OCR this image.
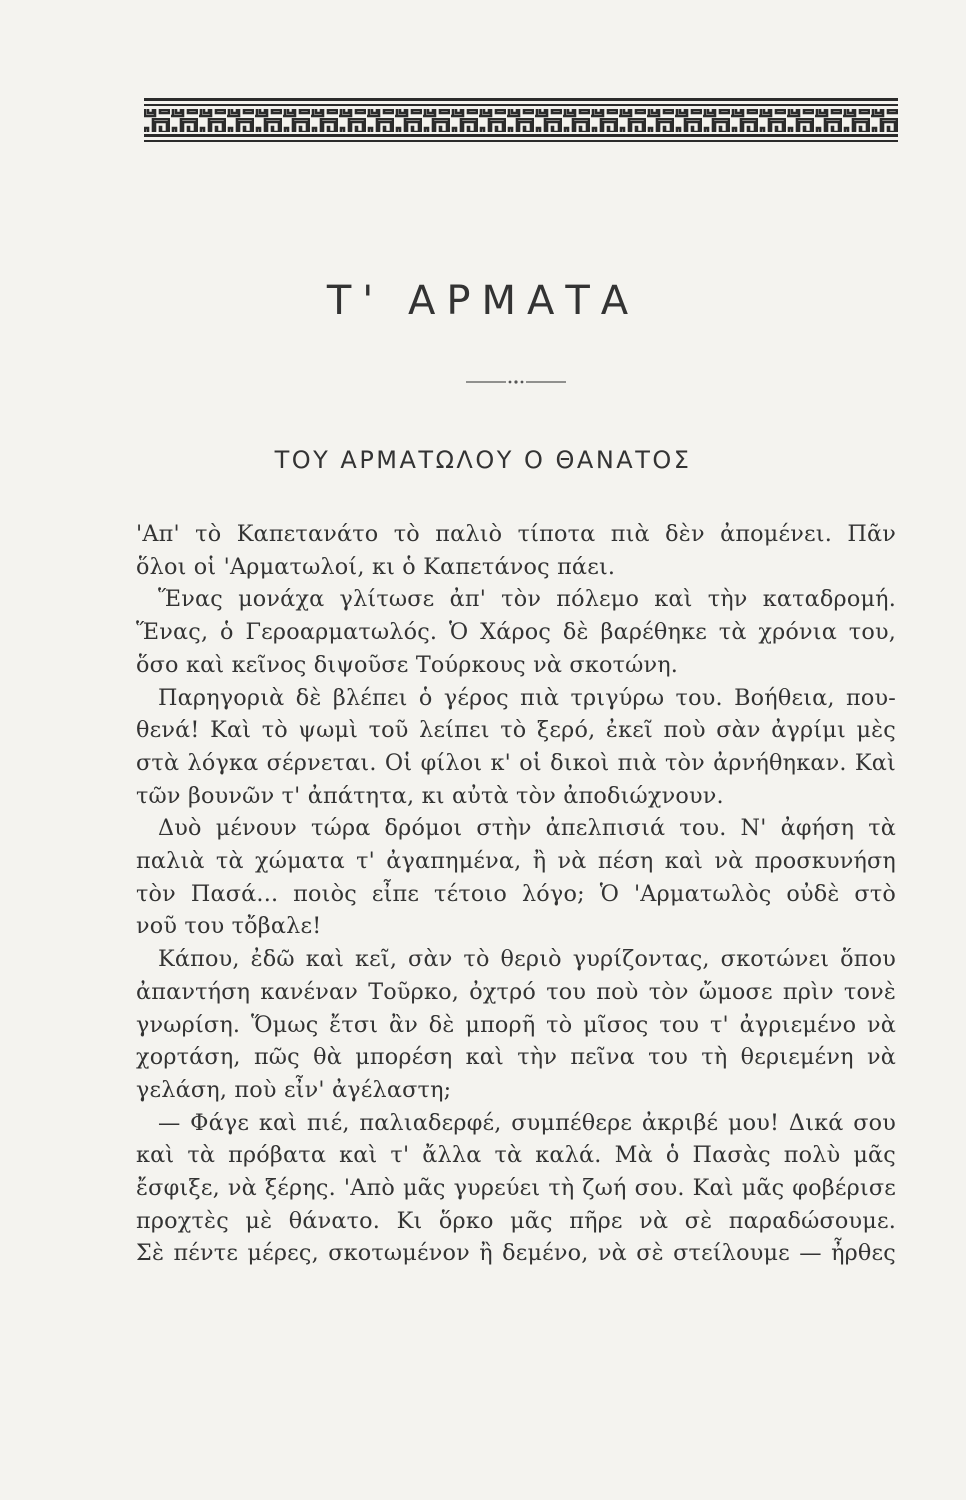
Τ' ΑΡΜΑΤΑ
ΤΟΥ ΑΡΜΑΤΩΛΟΥ Ο ΘΑΝΑΤΟΣ

'Απ' τὸ Καπετανάτο τὸ παλιὸ τίποτα πιὰ δὲν ἀπομένει. Πᾶν
ὅλοι οἱ 'Αρματωλοί, κι ὁ Καπετάνος πάει.

Ἕνας μονάχα γλίτωσε ἀπ' τὸν πόλεμο καὶ τὴν καταδρομή.
Ἕνας, ὁ Γεροαρματωλός. Ὁ Χάρος δὲ βαρέθηκε τὰ χρόνια του,
ὅσο καὶ κεῖνος διψοῦσε Τούρκους νὰ σκοτώνη.

Παρηγοριὰ δὲ βλέπει ὁ γέρος πιὰ τριγύρω του. Βοήθεια, που-
θενά! Καὶ τὸ ψωμὶ τοῦ λείπει τὸ ξερό, ἐκεῖ ποὺ σὰν ἀγρίμι μὲς
στὰ λόγκα σέρνεται. Οἱ φίλοι κ' οἱ δικοὶ πιὰ τὸν ἀρνήθηκαν. Καὶ
τῶν βουνῶν τ' ἀπάτητα, κι αὐτὰ τὸν ἀποδιώχνουν.

Δυὸ μένουν τώρα δρόμοι στὴν ἀπελπισιά του. Ν' ἀφήση τὰ
παλιὰ τὰ χώματα τ' ἀγαπημένα, ἢ νὰ πέση καὶ νὰ προσκυνήση
τὸν Πασά... ποιὸς εἶπε τέτοιο λόγο; Ὁ 'Αρματωλὸς οὐδὲ στὸ
νοῦ του τὄβαλε!

Κάπου, ἐδῶ καὶ κεῖ, σὰν τὸ θεριὸ γυρίζοντας, σκοτώνει ὅπου
ἀπαντήση κανέναν Τοῦρκο, ὀχτρό του ποὺ τὸν ὤμοσε πρὶν τονὲ
γνωρίση. Ὅμως ἔτσι ἂν δὲ μπορῆ τὸ μῖσος του τ' ἀγριεμένο νὰ
χορτάση, πῶς θὰ μπορέση καὶ τὴν πεῖνα του τὴ θεριεμένη νὰ
γελάση, ποὺ εἶν' ἀγέλαστη;

— Φάγε καὶ πιέ, παλιαδερφέ, συμπέθερε ἀκριβέ μου! Δικά σου
καὶ τὰ πρόβατα καὶ τ' ἄλλα τὰ καλά. Μὰ ὁ Πασὰς πολὺ μᾶς
ἔσφιξε, νὰ ξέρης. 'Απὸ μᾶς γυρεύει τὴ ζωή σου. Καὶ μᾶς φοβέρισε
προχτὲς μὲ θάνατο. Κι ὅρκο μᾶς πῆρε νὰ σὲ παραδώσουμε.
Σὲ πέντε μέρες, σκοτωμένον ἢ δεμένο, νὰ σὲ στείλουμε — ἦρθες
